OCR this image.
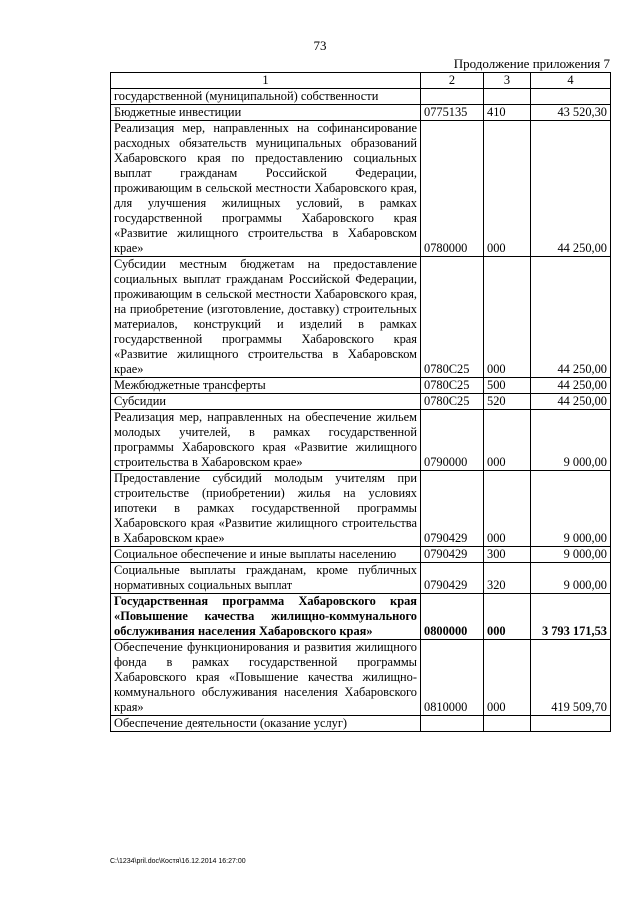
73
Продолжение приложения 7
1	2	3	4
государственной (муниципальной) собственности			
Бюджетные инвестиции	0775135	410	43 520,30
Реализация мер, направленных на софинансирование расходных обязательств муниципальных образований Хабаровского края по предоставлению социальных выплат гражданам Российской Федерации, проживающим в сельской местности Хабаровского края, для улучшения жилищных условий, в рамках государственной программы Хабаровского края «Развитие жилищного строительства в Хабаровском крае»	0780000	000	44 250,00
Субсидии местным бюджетам на предоставление социальных выплат гражданам Российской Федерации, проживающим в сельской местности Хабаровского края, на приобретение (изготовление, доставку) строительных материалов, конструкций и изделий в рамках государственной программы Хабаровского края «Развитие жилищного строительства в Хабаровском крае»	0780С25	000	44 250,00
Межбюджетные трансферты	0780С25	500	44 250,00
Субсидии	0780С25	520	44 250,00
Реализация мер, направленных на обеспечение жильем молодых учителей, в рамках государственной программы Хабаровского края «Развитие жилищного строительства в Хабаровском крае»	0790000	000	9 000,00
Предоставление субсидий молодым учителям при строительстве (приобретении) жилья на условиях ипотеки в рамках государственной программы Хабаровского края «Развитие жилищного строительства в Хабаровском крае»	0790429	000	9 000,00
Социальное обеспечение и иные выплаты населению	0790429	300	9 000,00
Социальные выплаты гражданам, кроме публичных нормативных социальных выплат	0790429	320	9 000,00
Государственная программа Хабаровского края «Повышение качества жилищно-коммунального обслуживания населения Хабаровского края»	0800000	000	3 793 171,53
Обеспечение функционирования и развития жилищного фонда в рамках государственной программы Хабаровского края «Повышение качества жилищно-коммунального обслуживания населения Хабаровского края»	0810000	000	419 509,70
Обеспечение деятельности (оказание услуг)			
C:\1234\pril.doc\Костя\16.12.2014 16:27:00
